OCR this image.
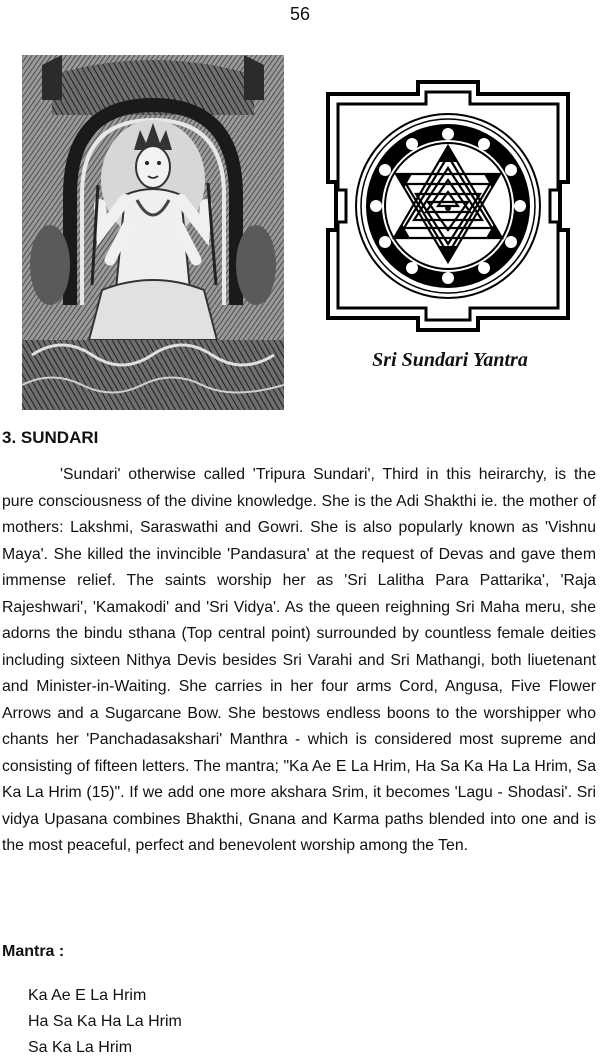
56
Sri Sundari Yantra
3. SUNDARI

'Sundari' otherwise called 'Tripura Sundari', Third in this heirarchy, is the pure consciousness of the divine knowledge. She is the Adi Shakthi ie. the mother of mothers: Lakshmi, Saraswathi and Gowri. She is also popularly known as 'Vishnu Maya'. She killed the invincible 'Pandasura' at the request of Devas and gave them immense relief. The saints worship her as 'Sri Lalitha Para Pattarika', 'Raja Rajeshwari', 'Kamakodi' and 'Sri Vidya'. As the queen reighning Sri Maha meru, she adorns the bindu sthana (Top central point) surrounded by countless female deities including sixteen Nithya Devis besides Sri Varahi and Sri Mathangi, both liuetenant and Minister-in-Waiting. She carries in her four arms Cord, Angusa, Five Flower Arrows and a Sugarcane Bow. She bestows endless boons to the worshipper who chants her 'Panchadasakshari' Manthra - which is considered most supreme and consisting of fifteen letters. The mantra; "Ka Ae E La Hrim, Ha Sa Ka Ha La Hrim, Sa Ka La Hrim (15)". If we add one more akshara Srim, it becomes 'Lagu - Shodasi'. Sri vidya Upasana combines Bhakthi, Gnana and Karma paths blended into one and is the most peaceful, perfect and benevolent worship among the Ten.

Mantra :
Ka Ae E La Hrim
Ha Sa Ka Ha La Hrim
Sa Ka La Hrim
